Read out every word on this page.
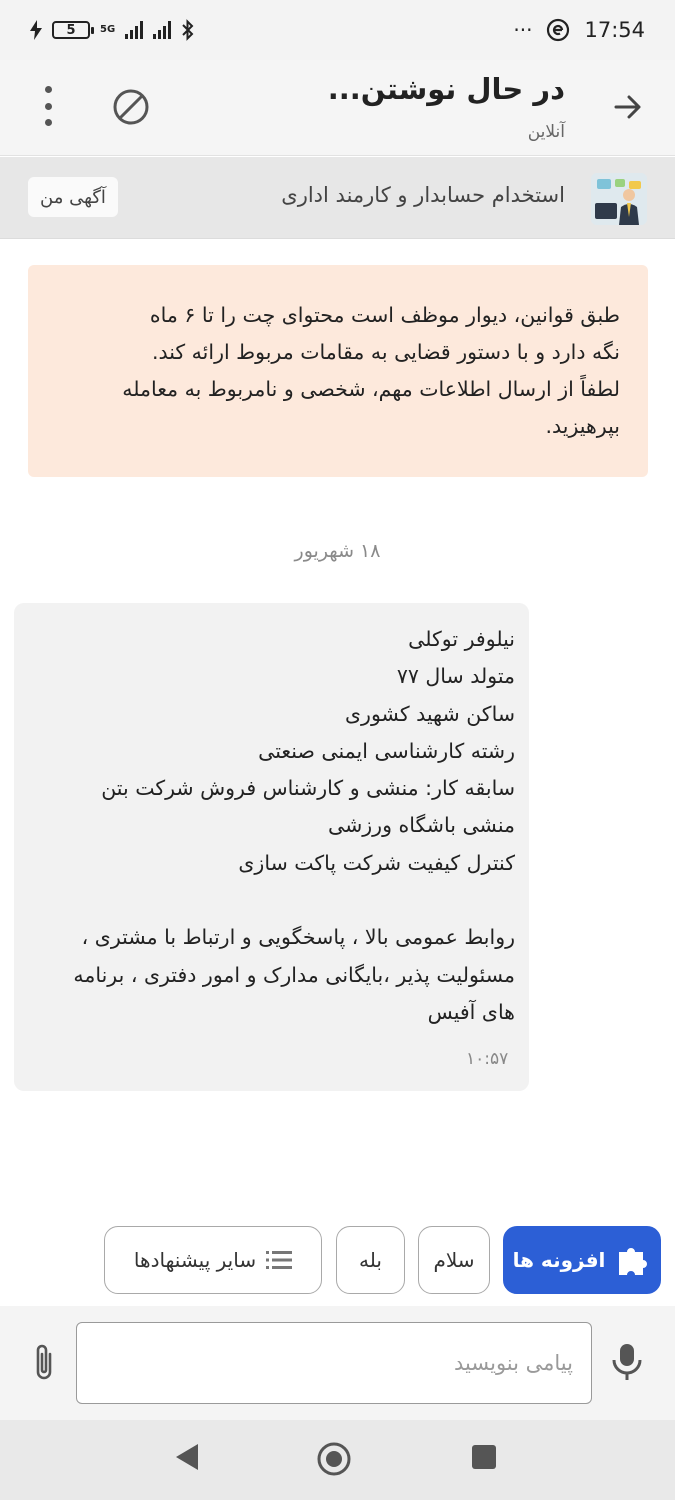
5	5G	··· 17:54
در حال نوشتن...
آنلاین
آگهی من	استخدام حسابدار و کارمند اداری

طبق قوانین، دیوار موظف است محتوای چت را تا ۶ ماه

نگه دارد و با دستور قضایی به مقامات مربوط ارائه کند.

لطفاً از ارسال اطلاعات مهم، شخصی و نامربوط به معامله

بپرهیزید.

۱۸ شهریور

نیلوفر توکلی

متولد سال ۷۷

ساکن شهید کشوری

رشته کارشناسی ایمنی صنعتی

سابقه کار: منشی و کارشناس فروش شرکت بتن

منشی باشگاه ورزشی

کنترل کیفیت شرکت پاکت سازی

روابط عمومی بالا ، پاسخگویی و ارتباط با مشتری ،

مسئولیت پذیر ،بایگانی مدارک و امور دفتری ، برنامه

های آفیس

۱۰:۵۷
سایر پیشنهادها	بله	سلام افزونه ها
پیامی بنویسید
